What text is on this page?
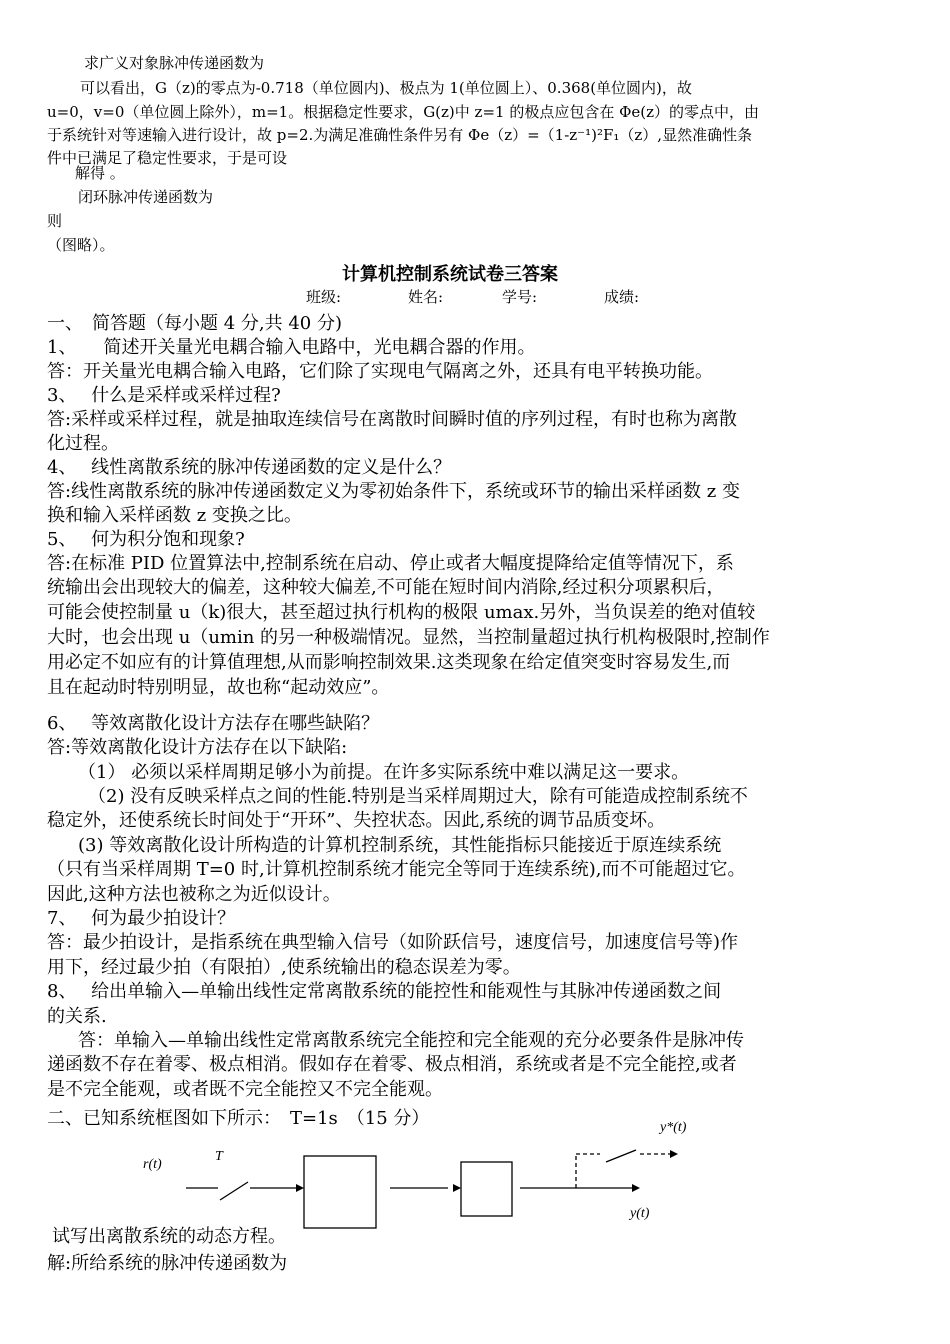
求广义对象脉冲传递函数为
可以看出，G（z)的零点为-0.718（单位圆内)、极点为 1(单位圆上）、0.368(单位圆内)，故
u=0，v=0（单位圆上除外），m=1。根据稳定性要求，G(z)中 z=1 的极点应包含在 Φe(z）的零点中，由
于系统针对等速输入进行设计，故 p=2.为满足准确性条件另有 Φe（z）=（1-z⁻¹)²F₁（z）,显然准确性条
件中已满足了稳定性要求，于是可设
解得 。
闭环脉冲传递函数为
则
（图略）。
计算机控制系统试卷三答案
班级:	姓名:	学号:	成绩:
一、　简答题（每小题 4 分,共 40 分)
1、　　简述开关量光电耦合输入电路中，光电耦合器的作用。
答：开关量光电耦合输入电路，它们除了实现电气隔离之外，还具有电平转换功能。
3、　 什么是采样或采样过程?
答:采样或采样过程，就是抽取连续信号在离散时间瞬时值的序列过程，有时也称为离散
化过程。
4、　 线性离散系统的脉冲传递函数的定义是什么？
答:线性离散系统的脉冲传递函数定义为零初始条件下，系统或环节的输出采样函数 z 变
换和输入采样函数 z 变换之比。
5、　 何为积分饱和现象?
答:在标准 PID 位置算法中,控制系统在启动、停止或者大幅度提降给定值等情况下，系
统输出会出现较大的偏差，这种较大偏差,不可能在短时间内消除,经过积分项累积后，
可能会使控制量 u（k)很大，甚至超过执行机构的极限 umax.另外，当负误差的绝对值较
大时，也会出现 u（umin 的另一种极端情况。显然，当控制量超过执行机构极限时,控制作
用必定不如应有的计算值理想,从而影响控制效果.这类现象在给定值突变时容易发生,而
且在起动时特别明显，故也称“起动效应”。
6、　 等效离散化设计方法存在哪些缺陷？
答:等效离散化设计方法存在以下缺陷:
（1） 必须以采样周期足够小为前提。在许多实际系统中难以满足这一要求。
（2) 没有反映采样点之间的性能.特别是当采样周期过大，除有可能造成控制系统不
稳定外，还使系统长时间处于“开环”、失控状态。因此,系统的调节品质变坏。
(3) 等效离散化设计所构造的计算机控制系统，其性能指标只能接近于原连续系统
（只有当采样周期 T=0 时,计算机控制系统才能完全等同于连续系统),而不可能超过它。
因此,这种方法也被称之为近似设计。
7、　 何为最少拍设计？
答：最少拍设计，是指系统在典型输入信号（如阶跃信号，速度信号，加速度信号等)作
用下，经过最少拍（有限拍）,使系统输出的稳态误差为零。
8、　 给出单输入—单输出线性定常离散系统的能控性和能观性与其脉冲传递函数之间
的关系.
答：单输入—单输出线性定常离散系统完全能控和完全能观的充分必要条件是脉冲传
递函数不存在着零、极点相消。假如存在着零、极点相消，系统或者是不完全能控,或者
是不完全能观，或者既不完全能控又不完全能观。
二、已知系统框图如下所示：　T=1s　（15 分）
r(t)
T
y*(t)
y(t)
试写出离散系统的动态方程。
解:所给系统的脉冲传递函数为
